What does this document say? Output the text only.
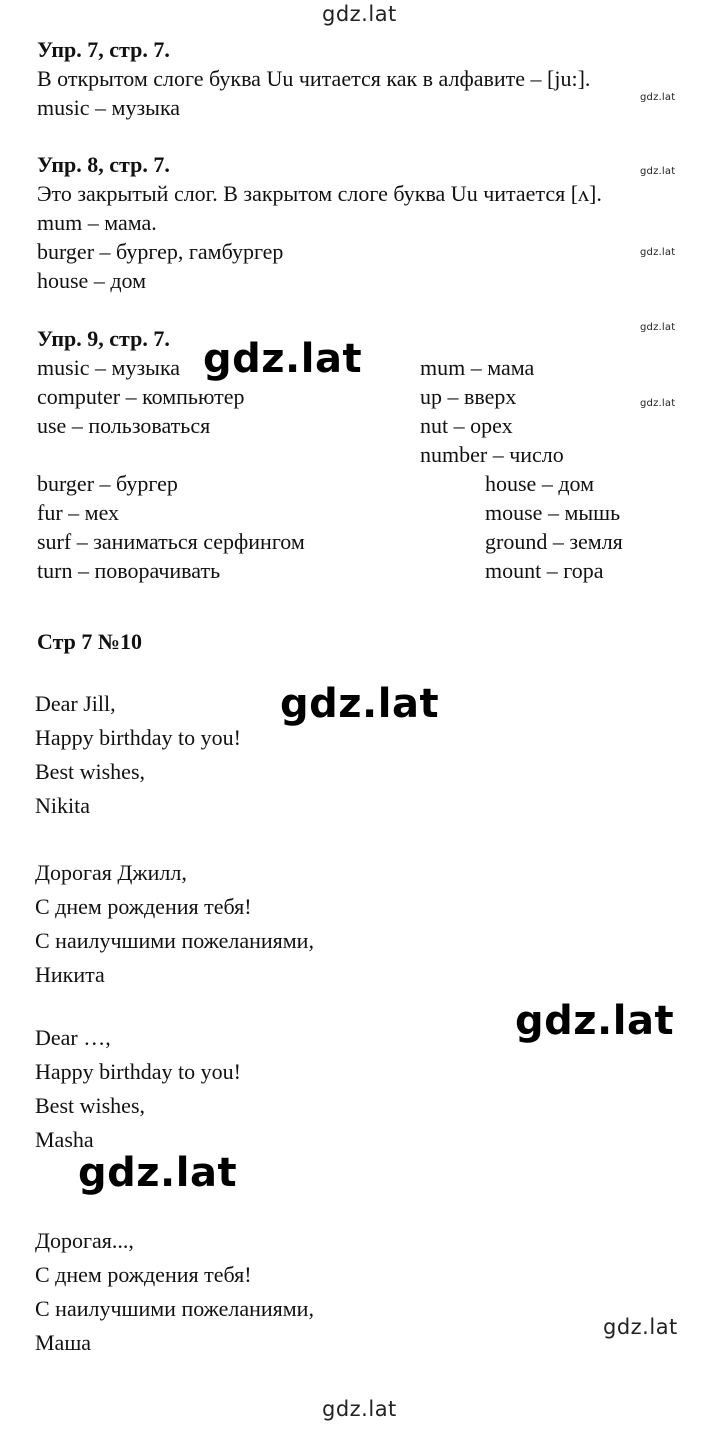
gdz.lat
gdz.lat
gdz.lat
gdz.lat
gdz.lat
gdz.lat
gdz.lat
Упр. 7, стр. 7.
В открытом слоге буква Uu читается как в алфавите – [ju:].
music – музыка
Упр. 8, стр. 7.
Это закрытый слог. В закрытом слоге буква Uu читается [ʌ].
mum – мама.
burger – бургер, гамбургер
house – дом
Упр. 9, стр. 7.
music – музыка
computer – компьютер
use – пользоваться
mum – мама
up – вверх
nut – орех
number – число
burger – бургер
fur – мех
surf – заниматься серфингом
turn – поворачивать
house – дом
mouse – мышь
ground – земля
mount – гора
gdz.lat
Стр 7 №10
Dear Jill,
Happy birthday to you!
Best wishes,
Nikita
gdz.lat
Дорогая Джилл,
С днем рождения тебя!
С наилучшими пожеланиями,
Никита
Dear …,
Happy birthday to you!
Best wishes,
Masha
gdz.lat
gdz.lat
Дорогая...,
С днем рождения тебя!
С наилучшими пожеланиями,
Маша
gdz.lat
